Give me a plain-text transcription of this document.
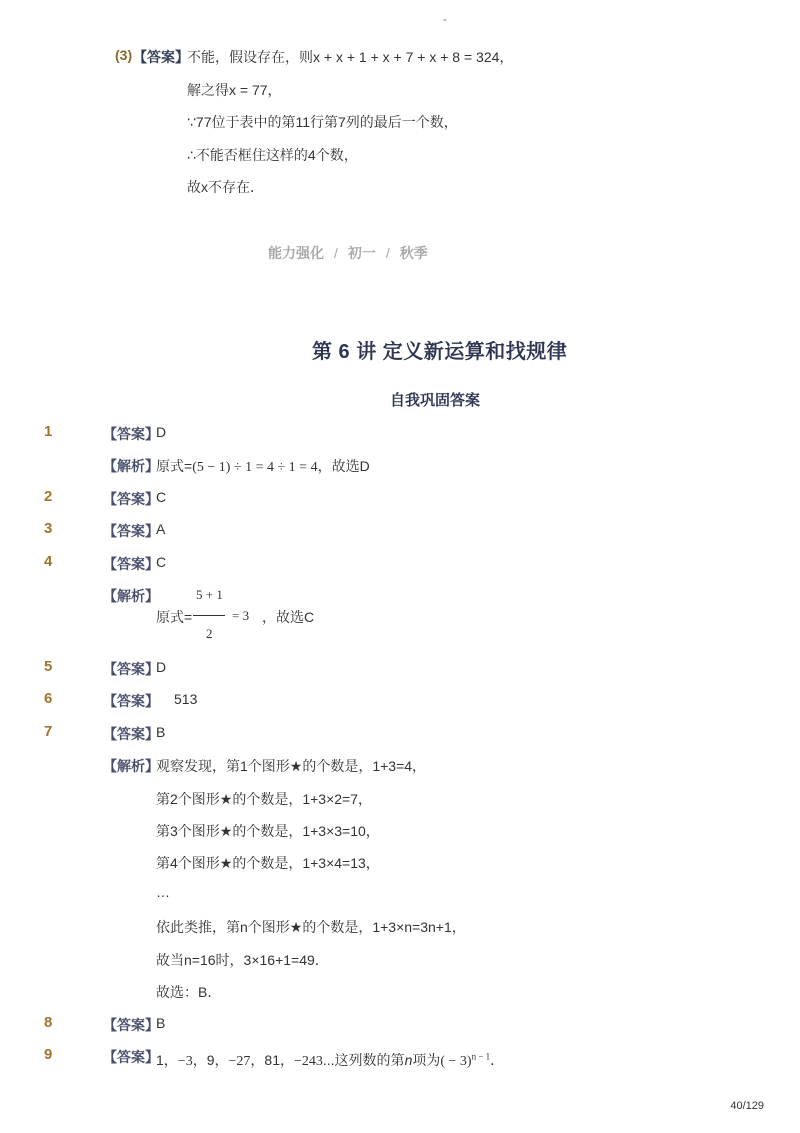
-
(3) 【答案】
不能，假设存在，则x + x + 1 + x + 7 + x + 8 = 324，
解之得x = 77，
∵77位于表中的第11行第7列的最后一个数，
∴不能否框住这样的4个数，
故x不存在．
能力强化 / 初一 / 秋季
第 6 讲 定义新运算和找规律
自我巩固答案
1	【答案】
D
【解析】
原式=(5 − 1) ÷ 1 = 4 ÷ 1 = 4，故选D
2	【答案】
C
3	【答案】
A
4	【答案】
C
【解析】	5 + 1
2
原式=	= 3 ，故选C
5	【答案】
D
6	【答案】 513
7	【答案】
B
【解析】
观察发现，第1个图形★的个数是，1+3=4，
第2个图形★的个数是，1+3×2=7，
第3个图形★的个数是，1+3×3=10，
第4个图形★的个数是，1+3×4=13，
…
依此类推，第n个图形★的个数是，1+3×n=3n+1，
故当n=16时，3×16+1=49．
故选：B．
8	【答案】
B
9	【答案】
1，−3，9，−27，81，−243...这列数的第n项为( − 3)$^{n - 1}$．
40/129
